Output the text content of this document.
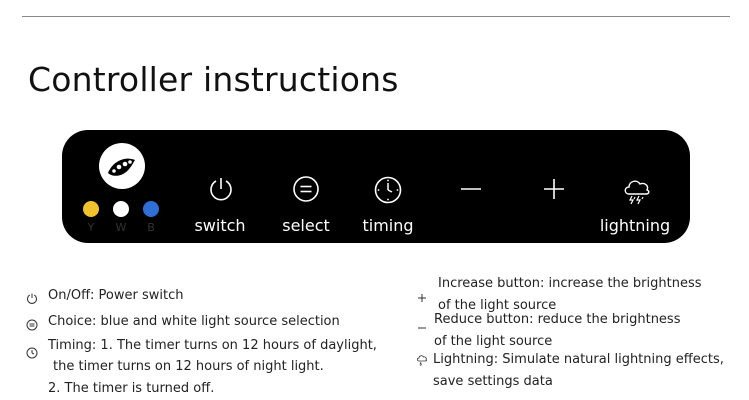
Controller instructions
Y	W	B switch select timing	lightning
On/Off: Power switch
Choice: blue and white light source selection
Timing: 1. The timer turns on 12 hours of daylight,
the timer turns on 12 hours of night light.
2. The timer is turned off.
Increase button: increase the brightness
of the light source
Reduce button: reduce the brightness
of the light source
Lightning: Simulate natural lightning effects,
save settings data
